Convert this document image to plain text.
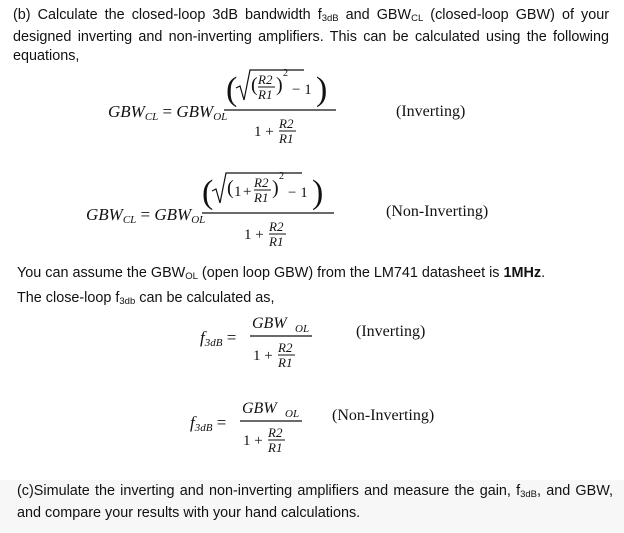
(b) Calculate the closed-loop 3dB bandwidth $f_{3dB}$ and $GBW_{CL}$ (closed-loop GBW) of your designed inverting and non-inverting amplifiers. This can be calculated using the following equations,
GBWCL = GBWOL
( ( R2
R1 )
2
− 1 )
1 +
R2
R1
(Inverting)
GBWCL = GBWOL
( ( 1 +
R2
R1 )
2
− 1 )
1 +
R2
R1
(Non-Inverting)
You can assume the $GBW_{OL}$ (open loop GBW) from the LM741 datasheet is 1MHz.
The close-loop $f_{3db}$ can be calculated as,
f3dB =
GBW OL
1 +
R2
R1
(Inverting)
f3dB =
GBW OL
1 +
R2
R1
(Non-Inverting)
(c)Simulate the inverting and non-inverting amplifiers and measure the gain, $f_{3dB}$, and GBW, and compare your results with your hand calculations.
